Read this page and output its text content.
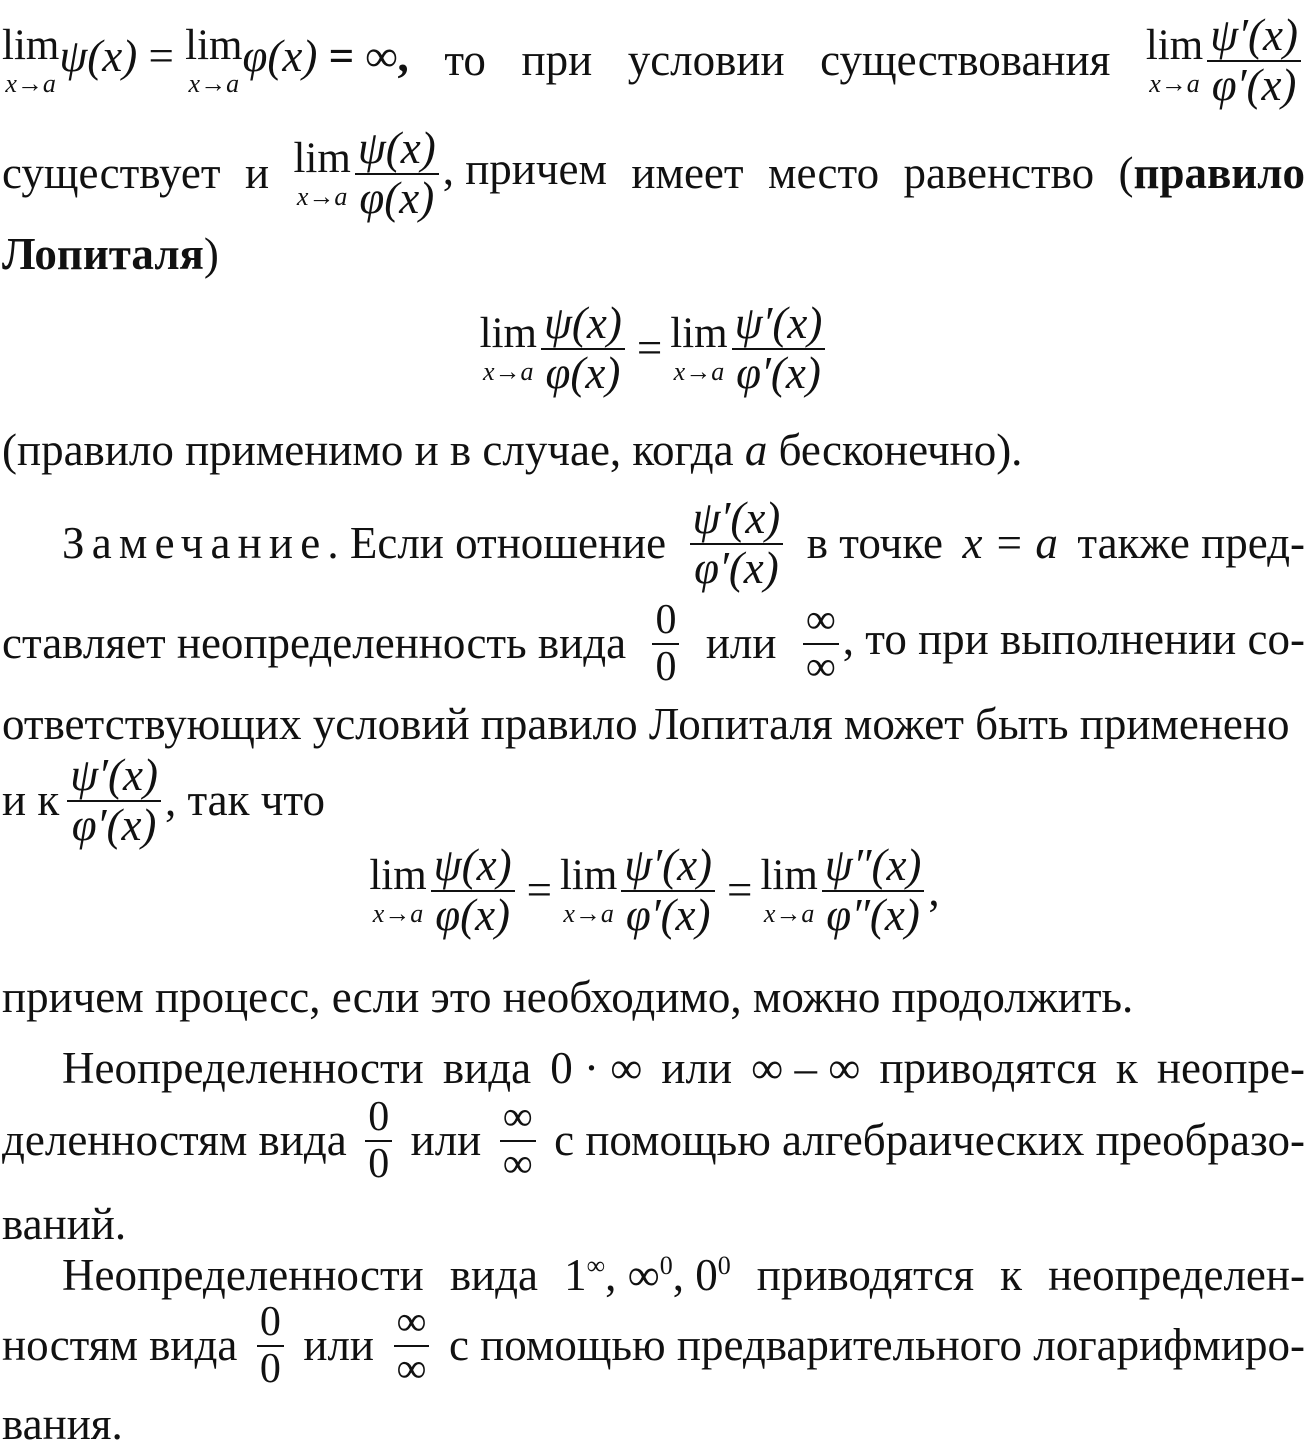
lim
x→a
ψ(x) = lim
x→a
φ(x) = ∞, то при условии существования lim
$x\to a \frac{\psi'(x)}{\varphi'(x)}$
существует и lim
$x\to a \frac{\psi(x)}{\varphi(x)}$ , причем имеет место равенство (правило
Лопиталя )
lim
$x\to a \frac{\psi(x)}{\varphi(x)} = \lim$
$x\to a \frac{\psi'(x)}{\varphi'(x)}$
(правило применимо и в случае, когда a бесконечно).
Замечание. Если отношение $\frac{\psi'(x)}{\varphi'(x)}$ в точке x = a также пред-
ставляет неопределенность вида $\frac{0}{0}$ или $\frac{\infty}{\infty}$ , то при выполнении со-
ответствующих условий правило Лопиталя может быть применено
и к $\frac{\psi'(x)}{\varphi'(x)}$ , так что
lim
$x\to a \frac{\psi(x)}{\varphi(x)} = \lim$
$x\to a \frac{\psi'(x)}{\varphi'(x)} = \lim$
$x\to a \frac{\psi''(x)}{\varphi''(x)}$ ,
причем процесс, если это необходимо, можно продолжить.
Неопределенности вида 0 · ∞ или ∞ – ∞ приводятся к неопре-
деленностям вида $\frac{0}{0}$ или $\frac{\infty}{\infty}$ с помощью алгебраических преобразо-
ваний.
Неопределенности вида 1∞, ∞$^0$, $0^0$ приводятся к неопределен-
ностям вида $\frac{0}{0}$ или $\frac{\infty}{\infty}$ с помощью предварительного логарифмиро-
вания.
